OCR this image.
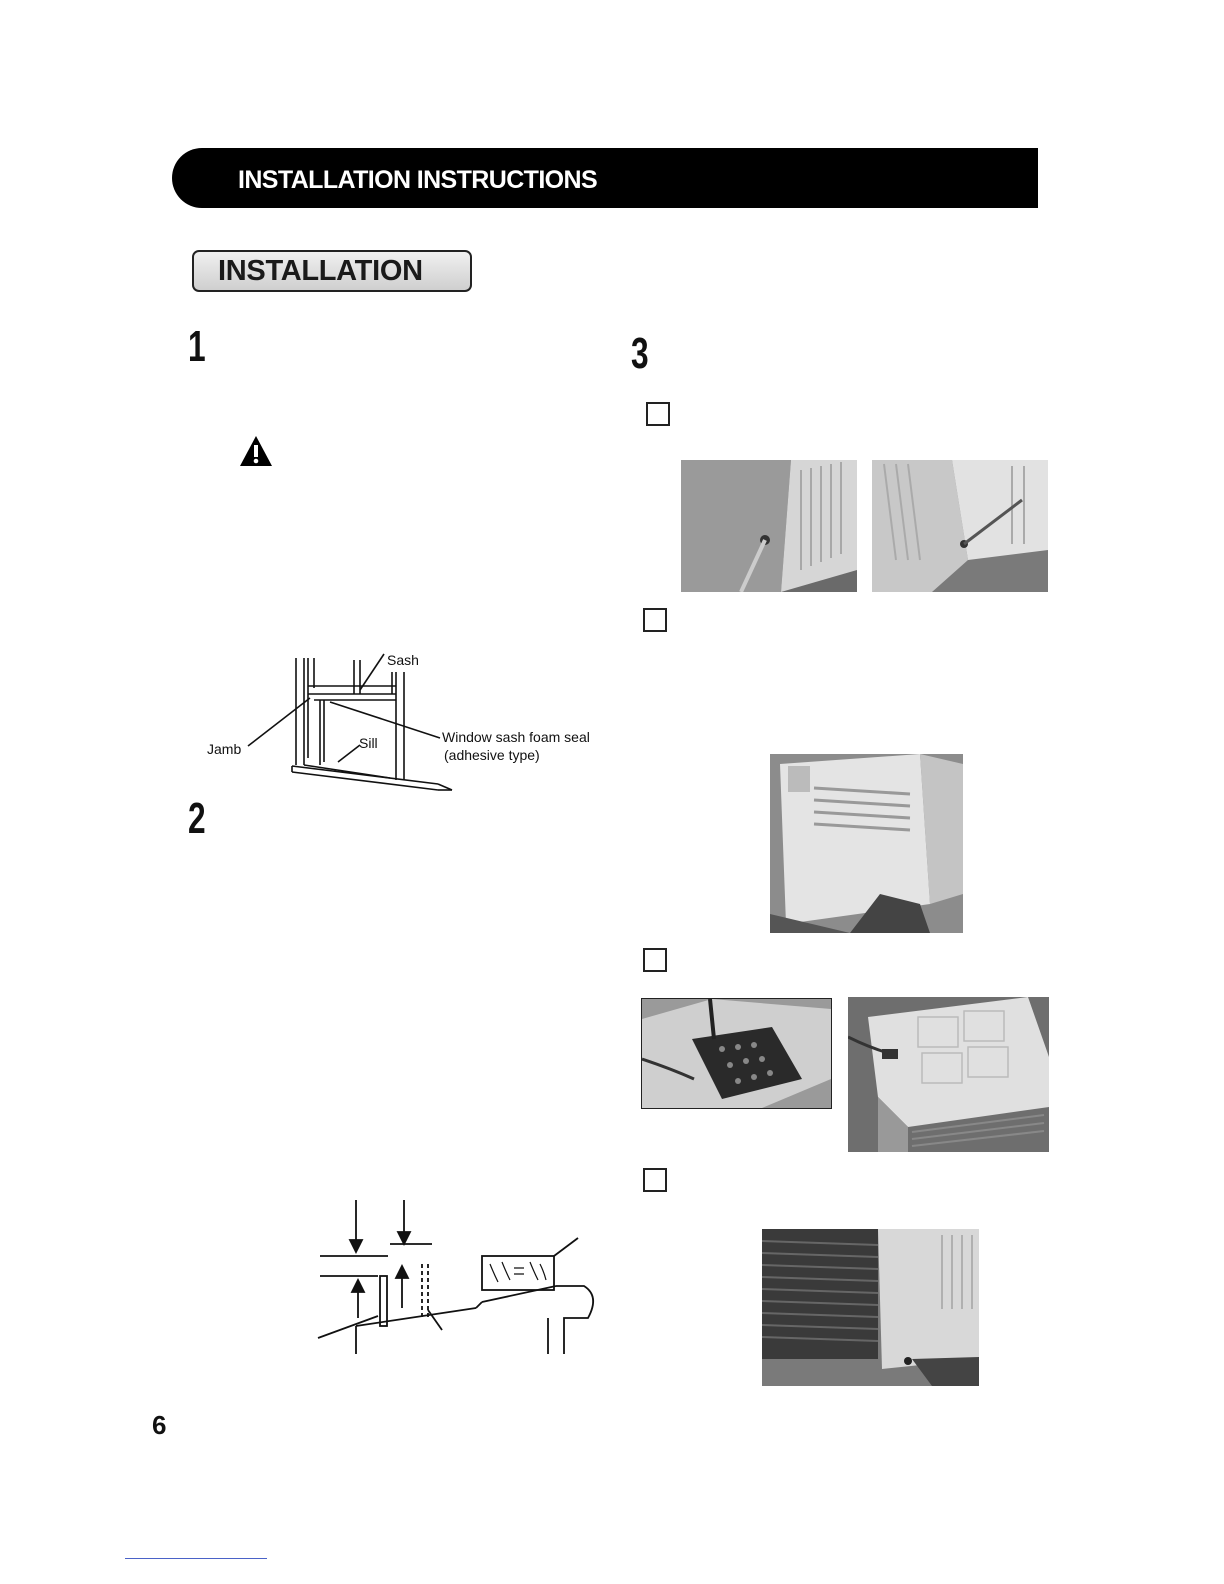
INSTALLATION INSTRUCTIONS
INSTALLATION
1	3
2
Sash
Jamb	Sill	Window sash foam seal
(adhesive type)
6
